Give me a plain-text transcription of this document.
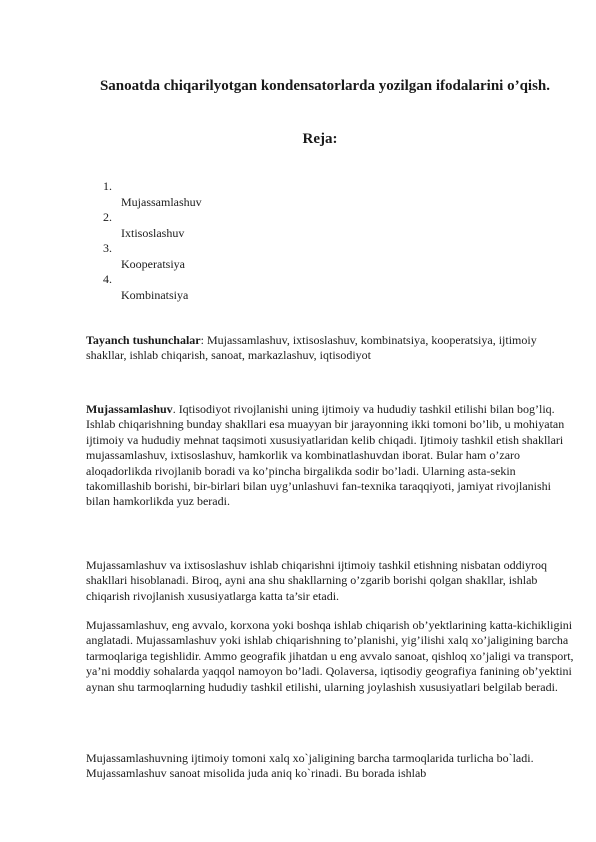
Sanoatda chiqarilyotgan kondensatorlarda yozilgan ifodalarini o’qish.
Reja:
1.
Mujassamlashuv
2.
Ixtisoslashuv
3.
Kooperatsiya
4.
Kombinatsiya

Tayanch tushunchalar: Mujassamlashuv, ixtisoslashuv, kombinatsiya, kooperatsiya, ijtimoiy shakllar, ishlab chiqarish, sanoat, markazlashuv, iqtisodiyot

Mujassamlashuv. Iqtisodiyot rivojlanishi uning ijtimoiy va hududiy tashkil etilishi bilan bog’liq. Ishlab chiqarishning bunday shakllari esa muayyan bir jarayonning ikki tomoni bo’lib, u mohiyatan ijtimoiy va hududiy mehnat taqsimoti xususiyatlaridan kelib chiqadi. Ijtimoiy tashkil etish shakllari mujassamlashuv, ixtisoslashuv, hamkorlik va kombinatlashuvdan iborat. Bular ham o’zaro aloqadorlikda rivojlanib boradi va ko’pincha birgalikda sodir bo’ladi. Ularning asta-sekin takomillashib borishi, bir-birlari bilan uyg’unlashuvi fan-texnika taraqqiyoti, jamiyat rivojlanishi bilan hamkorlikda yuz beradi.

Mujassamlashuv va ixtisoslashuv ishlab chiqarishni ijtimoiy tashkil etishning nisbatan oddiyroq shakllari hisoblanadi. Biroq, ayni ana shu shakllarning o’zgarib borishi qolgan shakllar, ishlab chiqarish rivojlanish xususiyatlarga katta ta’sir etadi.

Mujassamlashuv, eng avvalo, korxona yoki boshqa ishlab chiqarish ob’yektlarining katta-kichikligini anglatadi. Mujassamlashuv yoki ishlab chiqarishning to’planishi, yig’ilishi xalq xo’jaligining barcha tarmoqlariga tegishlidir. Ammo geografik jihatdan u eng avvalo sanoat, qishloq xo’jaligi va transport, ya’ni moddiy sohalarda yaqqol namoyon bo’ladi. Qolaversa, iqtisodiy geografiya fanining ob’yektini aynan shu tarmoqlarning hududiy tashkil etilishi, ularning joylashish xususiyatlari belgilab beradi.

Mujassamlashuvning ijtimoiy tomoni xalq xo`jaligining barcha tarmoqlarida turlicha bo`ladi. Mujassamlashuv sanoat misolida juda aniq ko`rinadi. Bu borada ishlab
